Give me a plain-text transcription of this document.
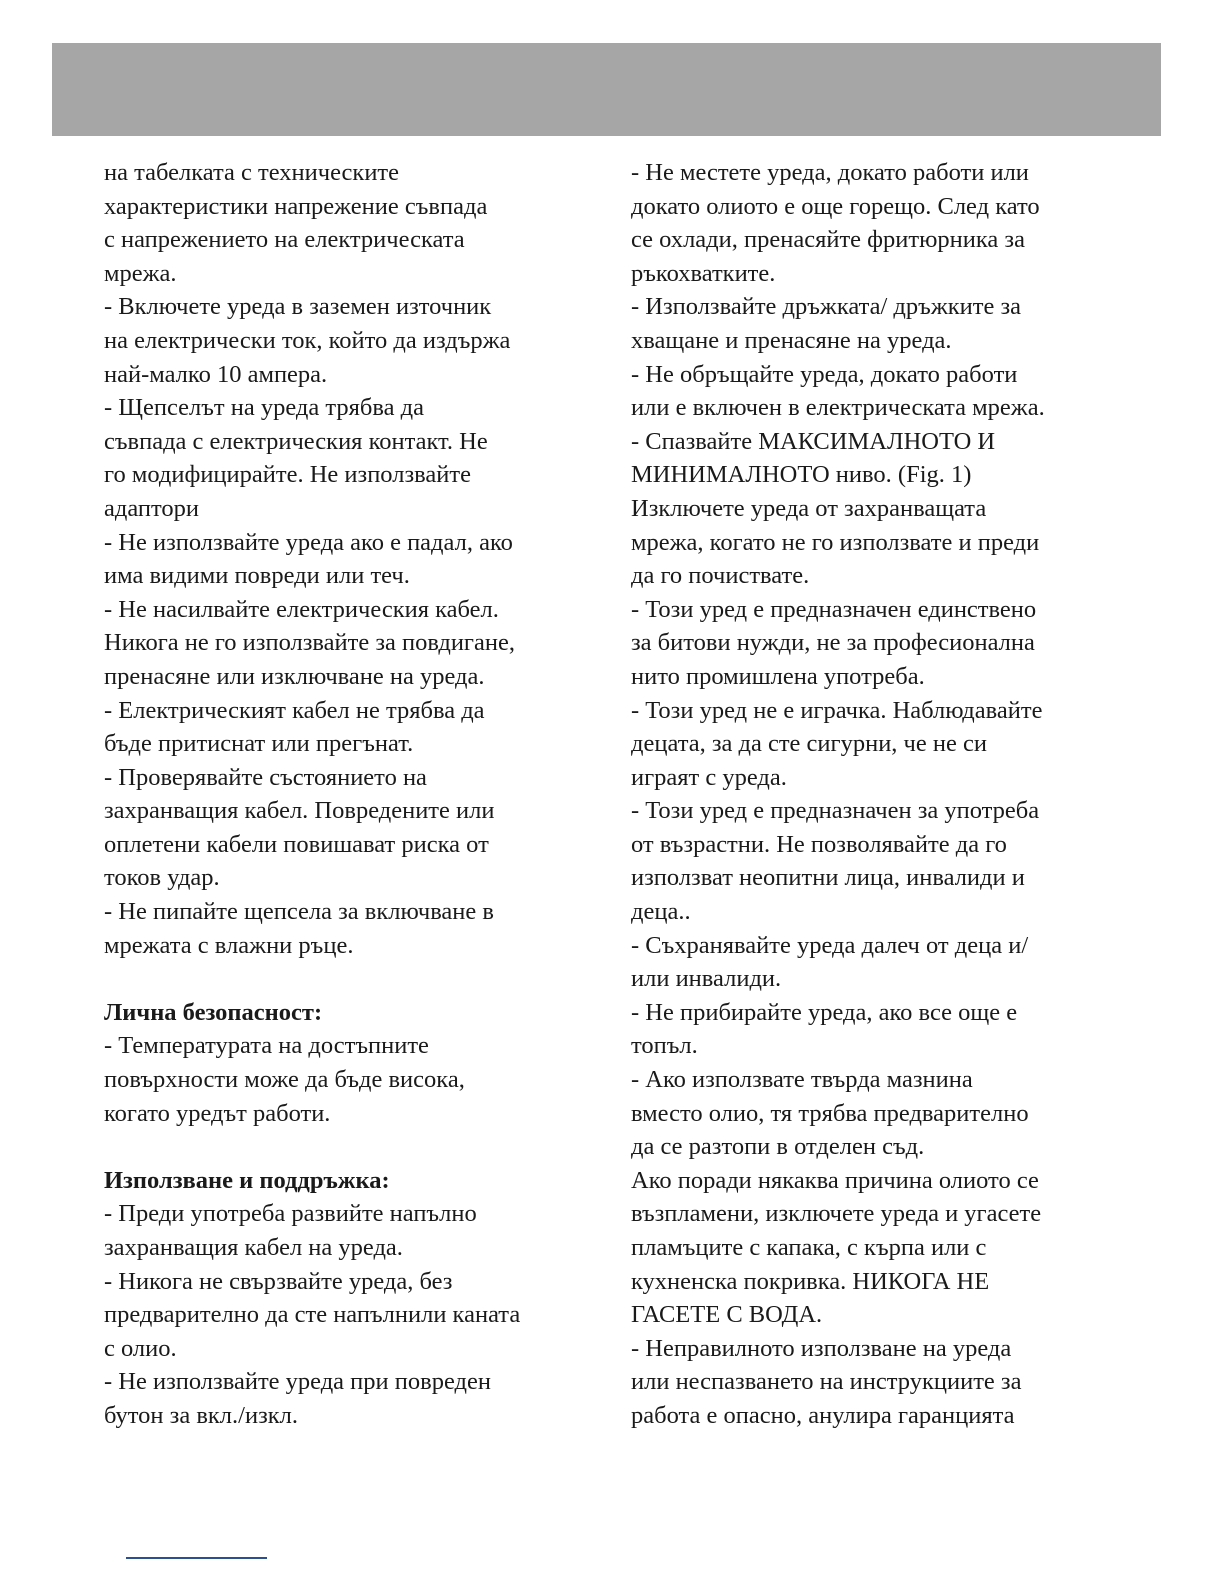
на табелката с техническите
характеристики напрежение съвпада
с напрежението на електрическата
мрежа.
- Включете уреда в заземен източник
на електрически ток, който да издържа
най-малко 10 ампера.
- Щепселът на уреда трябва да
съвпада с електрическия контакт. Не
го модифицирайте. Не използвайте
адаптори
- Не използвайте уреда ако е падал, ако
има видими повреди или теч.
- Не насилвайте електрическия кабел.
Никога не го използвайте за повдигане,
пренасяне или изключване на уреда.
- Електрическият кабел не трябва да
бъде притиснат или прегънат.
- Проверявайте състоянието на
захранващия кабел. Повредените или
оплетени кабели повишават риска от
токов удар.
- Не пипайте щепсела за включване в
мрежата с влажни ръце.
Лична безопасност:
- Температурата на достъпните
повърхности може да бъде висока,
когато уредът работи.
Използване и поддръжка:
- Преди употреба развийте напълно
захранващия кабел на уреда.
- Никога не свързвайте уреда, без
предварително да сте напълнили каната
с олио.
- Не използвайте уреда при повреден
бутон за вкл./изкл.
- Не местете уреда, докато работи или
докато олиото е още горещо. След като
се охлади, пренасяйте фритюрника за
ръкохватките.
- Използвайте дръжката/ дръжките за
хващане и пренасяне на уреда.
- Не обръщайте уреда, докато работи
или е включен в електрическата мрежа.
- Спазвайте МАКСИМАЛНОТО И
МИНИМАЛНОТО ниво. (Fig. 1)
Изключете уреда от захранващата
мрежа, когато не го използвате и преди
да го почиствате.
- Този уред е предназначен единствено
за битови нужди, не за професионална
нито промишлена употреба.
- Този уред не е играчка. Наблюдавайте
децата, за да сте сигурни, че не си
играят с уреда.
- Този уред е предназначен за употреба
от възрастни. Не позволявайте да го
използват неопитни лица, инвалиди и
деца..
- Съхранявайте уреда далеч от деца и/
или инвалиди.
- Не прибирайте уреда, ако все още е
топъл.
- Ако използвате твърда мазнина
вместо олио, тя трябва предварително
да се разтопи в отделен съд.
Ако поради някаква причина олиото се
възпламени, изключете уреда и угасете
пламъците с капака, с кърпа или с
кухненска покривка. НИКОГА НЕ
ГАСЕТЕ С ВОДА.
- Неправилното използване на уреда
или неспазването на инструкциите за
работа е опасно, анулира гаранцията
